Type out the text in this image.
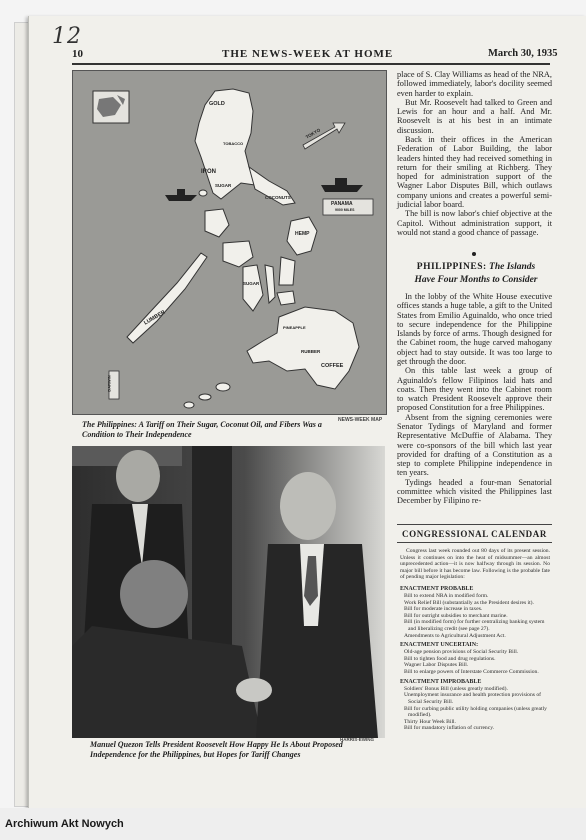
12
10	THE NEWS-WEEK AT HOME	March 30, 1935
GOLD
IRON
TOBACCO
SUGAR
COCONUTS
HEMP
SUGAR
LUMBER
PINEAPPLE
RUBBER
COFFEE
TOKYO
PANAMA
9000 MILES
DARWIN
NEWS-WEEK MAP
The Philippines: A Tariff on Their Sugar, Coconut Oil, and Fibers Was a Condition to Their Independence
HARRIS-EWING
Manuel Quezon Tells President Roosevelt How Happy He Is About Proposed Independence for the Philippines, but Hopes for Tariff Changes

place of S. Clay Williams as head of the NRA, followed immediately, labor's docility seemed even harder to explain.

But Mr. Roosevelt had talked to Green and Lewis for an hour and a half. And Mr. Roosevelt is at his best in an intimate discussion.

Back in their offices in the American Federation of Labor Building, the labor leaders hinted they had received something in return for their smiling at Richberg. They hoped for administration support of the Wagner Labor Disputes Bill, which outlaws company unions and creates a powerful semi-judicial labor board.

The bill is now labor's chief objective at the Capitol. Without administration support, it would not stand a good chance of passage.

PHILIPPINES: The Islands
Have Four Months to Consider

In the lobby of the White House executive offices stands a huge table, a gift to the United States from Emilio Aguinaldo, who once tried to secure independence for the Philippine Islands by force of arms. Though designed for the Cabinet room, the huge carved mahogany object had to stay outside. It was too large to get through the door.

On this table last week a group of Aguinaldo's fellow Filipinos laid hats and coats. Then they went into the Cabinet room to watch President Roosevelt approve their proposed Constitution for a free Philippines.

Absent from the signing ceremonies were Senator Tydings of Maryland and former Representative McDuffie of Alabama. They were co-sponsors of the bill which last year provided for drafting of a Constitution as a step to complete Philippine independence in ten years.

Tydings headed a four-man Senatorial committee which visited the Philippines last December by Filipino re-

CONGRESSIONAL CALENDAR
Congress last week rounded out 80 days of its present session. Unless it continues on into the heat of midsummer—an almost unprecedented action—it is now halfway through its session. No major bill before it has become law. Following is the probable fate of pending major legislation:
ENACTMENT PROBABLE
Bill to extend NRA in modified form.
Work Relief Bill (substantially as the President desires it).
Bill for moderate increase in taxes.
Bill for outright subsidies to merchant marine.
Bill (in modified form) for further centralizing banking system and liberalizing credit (see page 27).
Amendments to Agricultural Adjustment Act.
ENACTMENT UNCERTAIN:
Old-age pension provisions of Social Security Bill.
Bill to tighten food and drug regulations.
Wagner Labor Disputes Bill.
Bill to enlarge powers of Interstate Commerce Commission.
ENACTMENT IMPROBABLE
Soldiers' Bonus Bill (unless greatly modified).
Unemployment insurance and health protection provisions of Social Security Bill.
Bill for curbing public utility holding companies (unless greatly modified).
Thirty Hour Week Bill.
Bill for mandatory inflation of currency.
Archiwum Akt Nowych
